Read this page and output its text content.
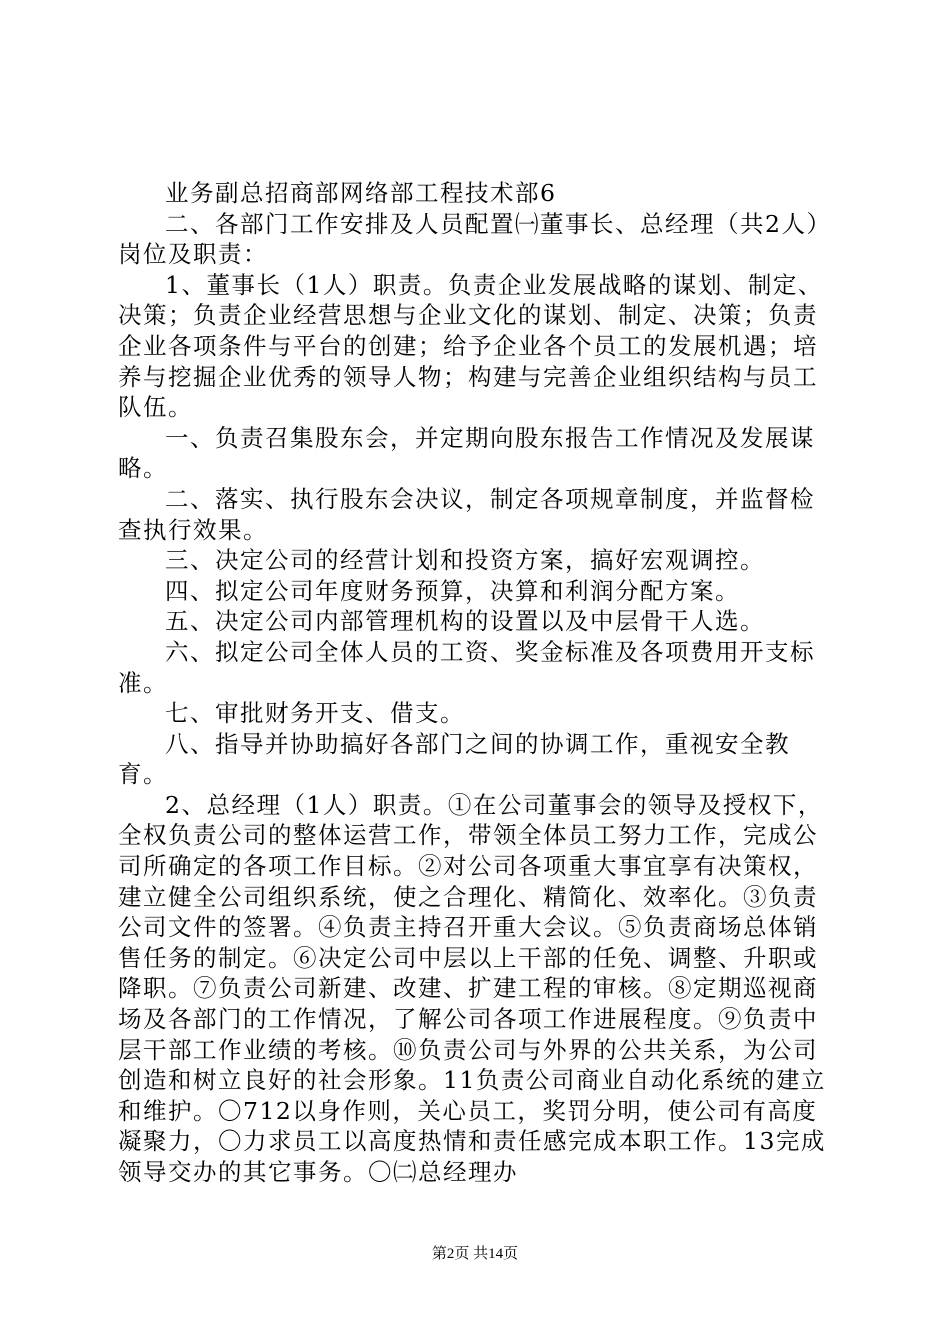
业务副总招商部网络部工程技术部6

二、各部门工作安排及人员配置㈠董事长、总经理（共2人）岗位及职责：

1、董事长（1人）职责。负责企业发展战略的谋划、制定、决策；负责企业经营思想与企业文化的谋划、制定、决策；负责企业各项条件与平台的创建；给予企业各个员工的发展机遇；培养与挖掘企业优秀的领导人物；构建与完善企业组织结构与员工队伍。

一、负责召集股东会，并定期向股东报告工作情况及发展谋略。

二、落实、执行股东会决议，制定各项规章制度，并监督检查执行效果。

三、决定公司的经营计划和投资方案，搞好宏观调控。

四、拟定公司年度财务预算，决算和利润分配方案。

五、决定公司内部管理机构的设置以及中层骨干人选。

六、拟定公司全体人员的工资、奖金标准及各项费用开支标准。

七、审批财务开支、借支。

八、指导并协助搞好各部门之间的协调工作，重视安全教育。

2、总经理（1人）职责。①在公司董事会的领导及授权下，全权负责公司的整体运营工作，带领全体员工努力工作，完成公司所确定的各项工作目标。②对公司各项重大事宜享有决策权，建立健全公司组织系统，使之合理化、精简化、效率化。③负责公司文件的签署。④负责主持召开重大会议。⑤负责商场总体销售任务的制定。⑥决定公司中层以上干部的任免、调整、升职或降职。⑦负责公司新建、改建、扩建工程的审核。⑧定期巡视商场及各部门的工作情况，了解公司各项工作进展程度。⑨负责中层干部工作业绩的考核。⑩负责公司与外界的公共关系，为公司创造和树立良好的社会形象。11负责公司商业自动化系统的建立和维护。〇712以身作则，关心员工，奖罚分明，使公司有高度凝聚力，〇力求员工以高度热情和责任感完成本职工作。13完成领导交办的其它事务。〇㈡总经理办

第2页 共14页
